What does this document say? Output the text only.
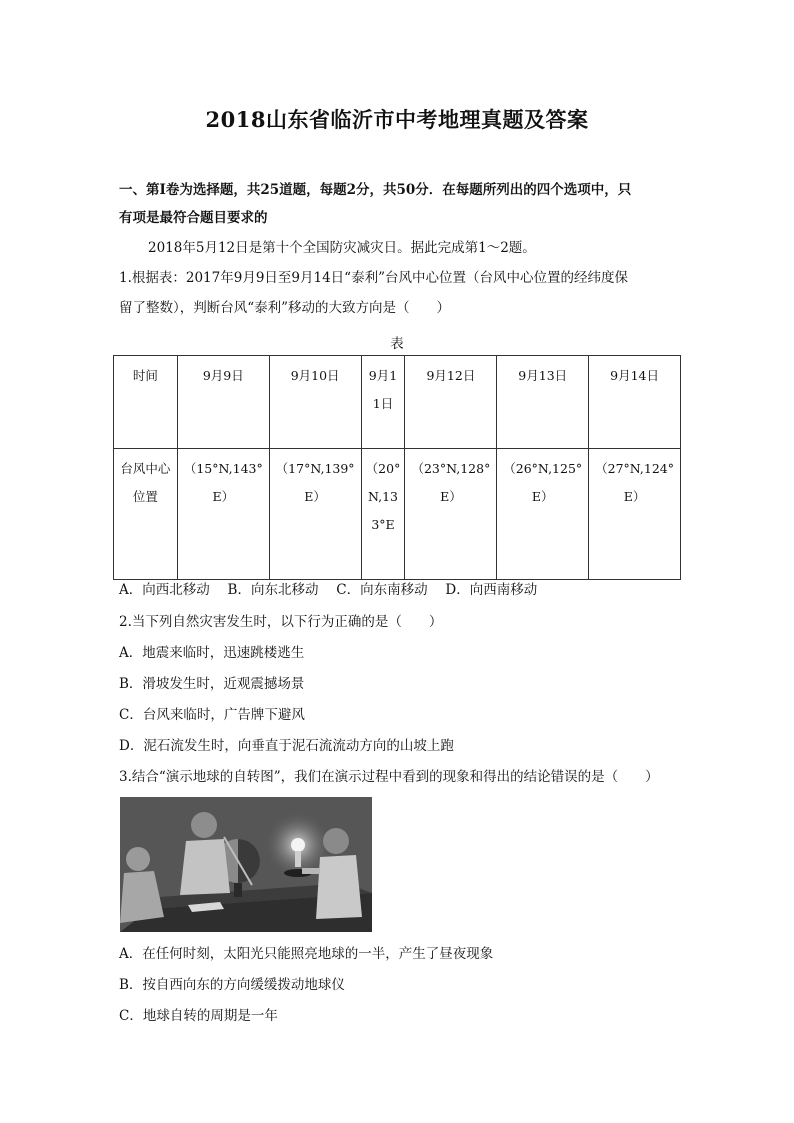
2018山东省临沂市中考地理真题及答案
一、第Ⅰ卷为选择题，共25道题，每题2分，共50分．在每题所列出的四个选项中，只
有项是最符合题目要求的
2018年5月12日是第十个全国防灾减灾日。据此完成第1～2题。
1.根据表：2017年9月9日至9月14日“泰利”台风中心位置（台风中心位置的经纬度保
留了整数），判断台风“泰利”移动的大致方向是（　　）
表
时间	9月9日	9月10日	9月11日	9月12日	9月13日	9月14日
台风中心位置	（15°N,143°E）	（17°N,139°E）	（20°N,133°E	（23°N,128°E）	（26°N,125°E）	（27°N,124°E）
A．向西北移动　 B．向东北移动　 C．向东南移动　 D．向西南移动
2.当下列自然灾害发生时，以下行为正确的是（　　）
A．地震来临时，迅速跳楼逃生
B．滑坡发生时，近观震撼场景
C．台风来临时，广告牌下避风
D．泥石流发生时，向垂直于泥石流流动方向的山坡上跑
3.结合“演示地球的自转图”，我们在演示过程中看到的现象和得出的结论错误的是（　　）
A．在任何时刻，太阳光只能照亮地球的一半，产生了昼夜现象
B．按自西向东的方向缓缓拨动地球仪
C．地球自转的周期是一年
